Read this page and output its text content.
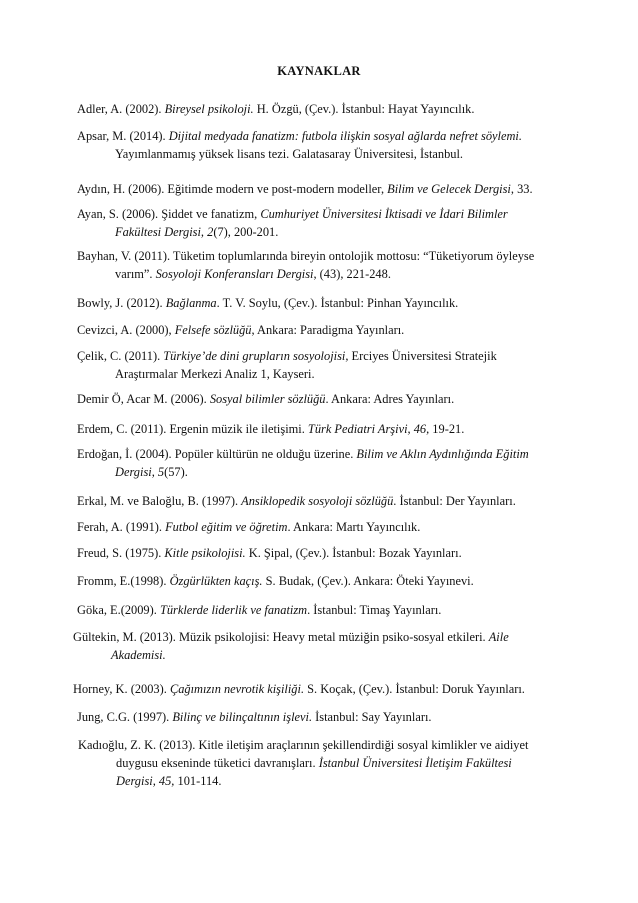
KAYNAKLAR
Adler, A. (2002). Bireysel psikoloji. H. Özgü, (Çev.). İstanbul: Hayat Yayıncılık.
Apsar, M. (2014). Dijital medyada fanatizm: futbola ilişkin sosyal ağlarda nefret söylemi.
Yayımlanmamış yüksek lisans tezi. Galatasaray Üniversitesi, İstanbul.
Aydın, H. (2006). Eğitimde modern ve post-modern modeller, Bilim ve Gelecek Dergisi, 33.
Ayan, S. (2006). Şiddet ve fanatizm, Cumhuriyet Üniversitesi İktisadi ve İdari Bilimler
Fakültesi Dergisi, 2(7), 200-201.
Bayhan, V. (2011). Tüketim toplumlarında bireyin ontolojik mottosu: “Tüketiyorum öyleyse
varım”. Sosyoloji Konferansları Dergisi, (43), 221-248.
Bowly, J. (2012). Bağlanma. T. V. Soylu, (Çev.). İstanbul: Pinhan Yayıncılık.
Cevizci, A. (2000), Felsefe sözlüğü, Ankara: Paradigma Yayınları.
Çelik, C. (2011). Türkiye’de dini grupların sosyolojisi, Erciyes Üniversitesi Stratejik
Araştırmalar Merkezi Analiz 1, Kayseri.
Demir Ö, Acar M. (2006). Sosyal bilimler sözlüğü. Ankara: Adres Yayınları.
Erdem, C. (2011). Ergenin müzik ile iletişimi. Türk Pediatri Arşivi, 46, 19-21.
Erdoğan, İ. (2004). Popüler kültürün ne olduğu üzerine. Bilim ve Aklın Aydınlığında Eğitim
Dergisi, 5(57).
Erkal, M. ve Baloğlu, B. (1997). Ansiklopedik sosyoloji sözlüğü. İstanbul: Der Yayınları.
Ferah, A. (1991). Futbol eğitim ve öğretim. Ankara: Martı Yayıncılık.
Freud, S. (1975). Kitle psikolojisi. K. Şipal, (Çev.). İstanbul: Bozak Yayınları.
Fromm, E.(1998). Özgürlükten kaçış. S. Budak, (Çev.). Ankara: Öteki Yayınevi.
Göka, E.(2009). Türklerde liderlik ve fanatizm. İstanbul: Timaş Yayınları.
Gültekin, M. (2013). Müzik psikolojisi: Heavy metal müziğin psiko-sosyal etkileri. Aile
Akademisi.
Horney, K. (2003). Çağımızın nevrotik kişiliği. S. Koçak, (Çev.). İstanbul: Doruk Yayınları.
Jung, C.G. (1997). Bilinç ve bilinçaltının işlevi. İstanbul: Say Yayınları.
Kadıoğlu, Z. K. (2013). Kitle iletişim araçlarının şekillendirdiği sosyal kimlikler ve aidiyet
duygusu ekseninde tüketici davranışları. İstanbul Üniversitesi İletişim Fakültesi
Dergisi, 45, 101-114.
